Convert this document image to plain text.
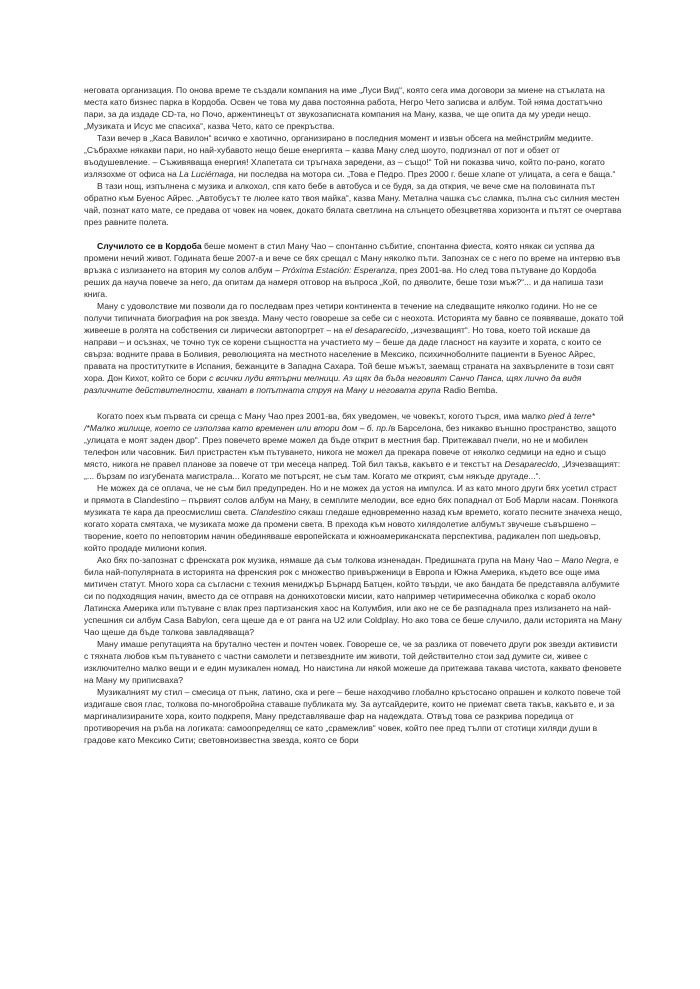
неговата организация. По онова време те създали компания на име „Луси Вид“, която сега има договори за миене на стъклата на места като бизнес парка в Кордоба. Освен че това му дава постоянна работа, Негро Чето записва и албум. Той няма достатъчно пари, за да издаде CD-та, но Почо, аржентинецът от звукозаписната компания на Ману, казва, че ще опита да му уреди нещо. „Музиката и Исус ме спасиха“, казва Чето, като се прекръства.

Тази вечер в „Каса Вавилон“ всичко е хаотично, организирано в последния момент и извън обсега на мейнстрийм медиите. „Събрахме някакви пари, но най-хубавото нещо беше енергията – казва Ману след шоуто, подгизнал от пот и обзет от въодушевление. – Съживяваща енергия! Хлапетата си тръгнаха заредени, аз – също!“ Той ни показва чичо, който по-рано, когато излязохме от офиса на La Luciérnaga, ни последва на мотора си. „Това е Педро. През 2000 г. беше хлапе от улицата, а сега е баща.“

В тази нощ, изпълнена с музика и алкохол, спя като бебе в автобуса и се будя, за да открия, че вече сме на половината път обратно към Буенос Айрес. „Автобусът те люлее като твоя майка“, казва Ману. Метална чашка със сламка, пълна със силния местен чай, познат като мате, се предава от човек на човек, докато бялата светлина на слънцето обезцветява хоризонта и пътят се очертава през равните полета.

Случилото се в Кордоба беше момент в стил Ману Чао – спонтанно събитие, спонтанна фиеста, която някак си успява да промени нечий живот. Годината беше 2007-а и вече се бях срещал с Ману няколко пъти. Запознах се с него по време на интервю във връзка с излизането на втория му солов албум – Próxima Estación: Esperanza, през 2001-ва. Но след това пътуване до Кордоба реших да науча повече за него, да опитам да намеря отговор на въпроса „Кой, по дяволите, беше този мъж?“... и да напиша тази книга.

Ману с удоволствие ми позволи да го последвам през четири континента в течение на следващите няколко години. Но не се получи типичната биография на рок звезда. Ману често говореше за себе си с неохота. Историята му бавно се появяваше, докато той живееше в ролята на собствения си лирически автопортрет – на el desaparecido, „изчезващият“. Но това, което той искаше да направи – и осъзнах, че точно тук се корени същността на участието му – беше да даде гласност на каузите и хората, с които се свърза: водните права в Боливия, революцията на местното население в Мексико, психичноболните пациенти в Буенос Айрес, правата на проститутките в Испания, бежанците в Западна Сахара. Той беше мъжът, заемащ страната на захвърлените в този свят хора. Дон Кихот, който се бори с всички луди вятърни мелници. Аз щях да бъда неговият Санчо Панса, щях лично да видя различните действителности, хванат в попътната струя на Ману и неговата група Radio Bemba.

Когато поех към първата си среща с Ману Чао през 2001-ва, бях уведомен, че човекът, когото търся, има малко pied à terre* /*Малко жилище, което се използва като временен или втори дом – б. пр./в Барселона, без никакво външно пространство, защото „улицата е моят заден двор“. През повечето време можел да бъде открит в местния бар. Притежавал пчели, но не и мобилен телефон или часовник. Бил пристрастен към пътуването, никога не можел да прекара повече от няколко седмици на едно и също място, никога не правел планове за повече от три месеца напред. Той бил такъв, какъвто е и текстът на Desaparecido, „Изчезващият: „... бързам по изгубената магистрала... Когато ме потърсят, не съм там. Когато ме открият, съм някъде другаде...“.

Не можех да се оплача, че не съм бил предупреден. Но и не можех да устоя на импулса. И аз като много други бях усетил страст и прямота в Clandestino – първият солов албум на Ману, в семплите мелодии, все едно бях попаднал от Боб Марли насам. Понякога музиката те кара да преосмислиш света. Clandestino сякаш гледаше едновременно назад към времето, когато песните значеха нещо, когато хората смятаха, че музиката може да промени света. В прехода към новото хилядолетие албумът звучеше съвършено – творение, което по неповторим начин обединяваше европейската и южноамериканската перспектива, радикален поп шедьовър, който продаде милиони копия.

Ако бях по-запознат с френската рок музика, нямаше да съм толкова изненадан. Предишната група на Ману Чао – Mano Negra, е била най-популярната в историята на френския рок с множество привърженици в Европа и Южна Америка, където все още има митичен статут. Много хора са съгласни с техния мениджър Бърнард Батцен, който твърди, че ако бандата бе представяла албумите си по подходящия начин, вместо да се отправя на донкихотовски мисии, като например четиримесечна обиколка с кораб около Латинска Америка или пътуване с влак през партизанския хаос на Колумбия, или ако не се бе разпаднала през излизането на най-успешния си албум Casa Babylon, сега щеше да е от ранга на U2 или Coldplay. Но ако това се беше случило, дали историята на Ману Чао щеше да бъде толкова завладяваща?

Ману имаше репутацията на брутално честен и почтен човек. Говореше се, че за разлика от повечето други рок звезди активисти с тяхната любов към пътуването с частни самолети и петзвездните им животи, той действително стои зад думите си, живее с изключително малко вещи и е един музикален номад. Но наистина ли някой можеше да притежава такава чистота, каквато феновете на Ману му приписваха?

Музикалният му стил – смесица от пънк, латино, ска и реге – беше находчиво глобално кръстосано опрашен и колкото повече той издигаше своя глас, толкова по-многобройна ставаше публиката му. За аутсайдерите, които не приемат света такъв, какъвто е, и за маргинализираните хора, които подкрепя, Ману представляваше фар на надеждата. Отвъд това се разкрива поредица от противоречия на ръба на логиката: самоопределящ се като „срамежлив“ човек, който пее пред тълпи от стотици хиляди души в градове като Мексико Сити; световноизвестна звезда, която се бори
